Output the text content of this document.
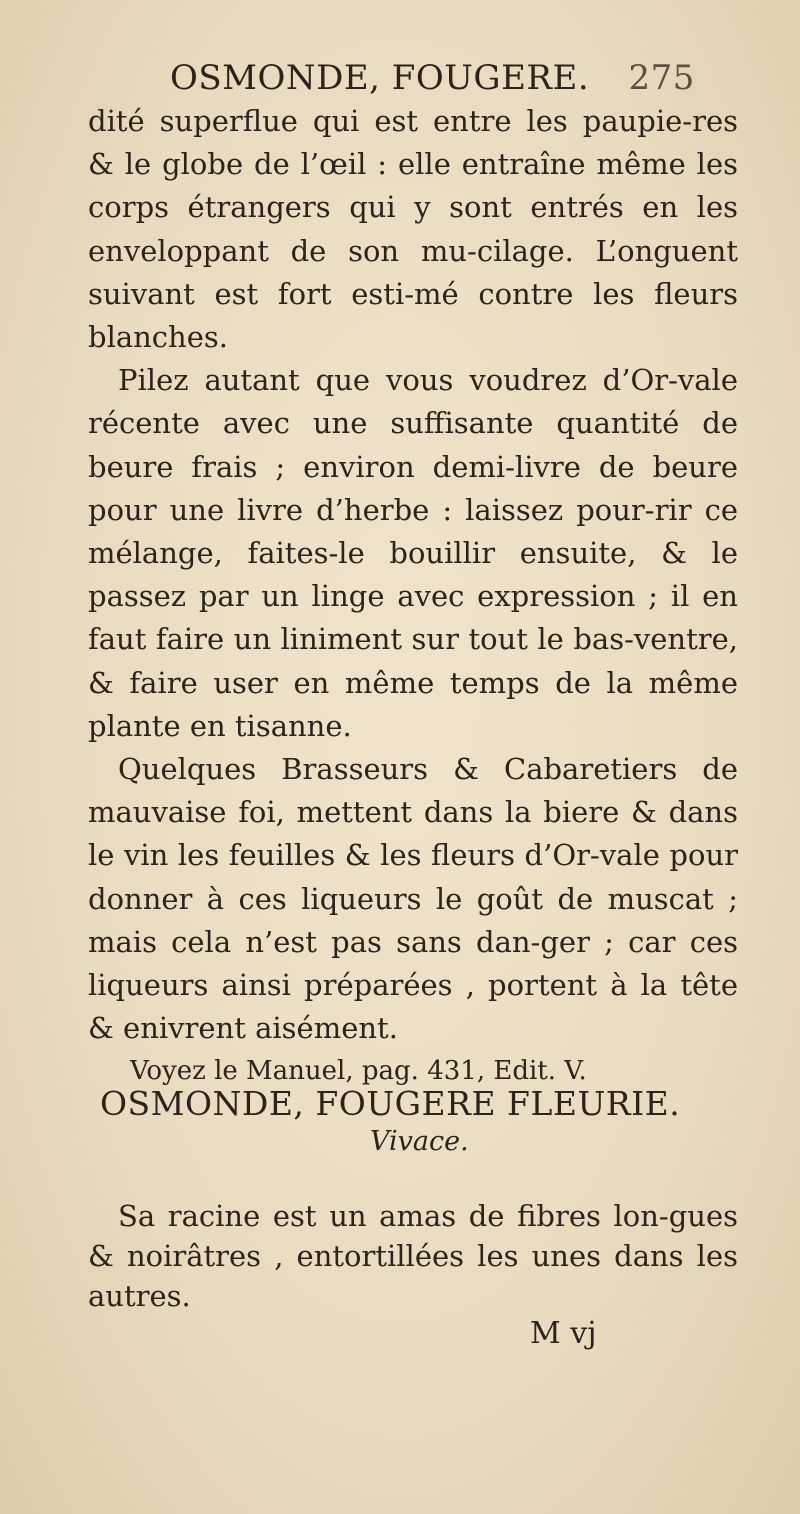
OSMONDE, FOUGERE. 275

dité superflue qui est entre les paupie-res & le globe de l’œil : elle entraîne même les corps étrangers qui y sont entrés en les enveloppant de son mu-cilage. L’onguent suivant est fort esti-mé contre les fleurs blanches.

Pilez autant que vous voudrez d’Or-vale récente avec une suffisante quantité de beure frais ; environ demi-livre de beure pour une livre d’herbe : laissez pour-rir ce mélange, faites-le bouillir ensuite, & le passez par un linge avec expression ; il en faut faire un liniment sur tout le bas-ventre, & faire user en même temps de la même plante en tisanne.

Quelques Brasseurs & Cabaretiers de mauvaise foi, mettent dans la biere & dans le vin les feuilles & les fleurs d’Or-vale pour donner à ces liqueurs le goût de muscat ; mais cela n’est pas sans dan-ger ; car ces liqueurs ainsi préparées , portent à la tête & enivrent aisément.

Voyez le Manuel, pag. 431, Edit. V.

OSMONDE, FOUGERE FLEURIE.
Vivace.

Sa racine est un amas de fibres lon-gues & noirâtres , entortillées les unes dans les autres.

M vj
